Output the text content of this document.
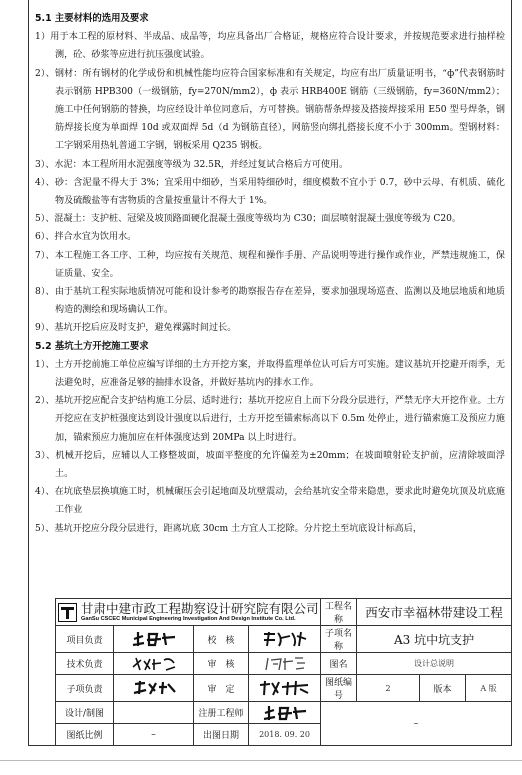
5.1 主要材料的选用及要求
1）用于本工程的原材料、半成品、成品等，均应具备出厂合格证，规格应符合设计要求，并按规范要求进行抽样检测，砼、砂浆等应进行抗压强度试验。
2）、钢材：所有钢材的化学成份和机械性能均应符合国家标准和有关规定，均应有出厂质量证明书，“ф”代表钢筋时表示钢筋 HPB300（一级钢筋，fy=270N/mm2），ф 表示 HRB400E 钢筋（三级钢筋，fy=360N/mm2）；施工中任何钢筋的替换，均应经设计单位同意后，方可替换。钢筋帮条焊接及搭接焊接采用 E50 型号焊条，钢筋焊接长度为单面焊 10d 或双面焊 5d（d 为钢筋直径），网筋竖向绑扎搭接长度不小于 300mm。型钢材料：工字钢采用热轧普通工字钢，钢板采用 Q235 钢板。
3）、水泥：本工程所用水泥强度等级为 32.5R，并经过复试合格后方可使用。
4）、砂：含泥量不得大于 3%；宜采用中细砂，当采用特细砂时，细度模数不宜小于 0.7，砂中云母、有机质、硫化物及硫酸盐等有害物质的含量按重量计不得大于 1%。
5）、混凝土：支护桩、冠梁及坡顶路面硬化混凝土强度等级均为 C30；面层喷射混凝土强度等级为 C20。
6）、拌合水宜为饮用水。
7）、本工程施工各工序、工种，均应按有关规范、规程和操作手册、产品说明等进行操作或作业，严禁违规施工，保证质量、安全。
8）、由于基坑工程实际地质情况可能和设计参考的勘察报告存在差异，要求加强现场巡查、监测以及地层地质和地质构造的测绘和现场确认工作。
9）、基坑开挖后应及时支护，避免裸露时间过长。
5.2 基坑土方开挖施工要求
1）、土方开挖前施工单位应编写详细的土方开挖方案，并取得监理单位认可后方可实施。建议基坑开挖避开雨季，无法避免时，应准备足够的抽排水设备，并做好基坑内的排水工作。
2）、基坑开挖应配合支护结构施工分层、适时进行；基坑开挖应自上而下分段分层进行，严禁无序大开挖作业。土方开挖应在支护桩强度达到设计强度以后进行，土方开挖至锚索标高以下 0.5m 处停止，进行锚索施工及预应力施加，锚索预应力施加应在杆体强度达到 20MPa 以上时进行。
3）、机械开挖后，应辅以人工修整坡面，坡面平整度的允许偏差为±20mm；在坡面喷射砼支护前，应清除坡面浮土。
4）、在坑底垫层换填施工时，机械碾压会引起地面及坑壁震动，会给基坑安全带来隐患，要求此时避免坑顶及坑底施工作业
5）、基坑开挖应分段分层进行，距离坑底 30cm 土方宜人工挖除。分片挖土至坑底设计标高后，
甘肃中建市政工程勘察设计研究院有限公司
GanSu CSCEC Municipal Engineering Investigation And Design Institute Co. Ltd.				工程名称	西安市幸福林带建设工程		
项目负责		校　核		子项名称	A3 坑中坑支护		
技术负责		审　核		图名	设计总说明		
子项负责		审　定		图纸编号	2	版本	A 版
设计/制图		注册工程师		–			
图纸比例	–	出图日期	2018. 09. 20				
